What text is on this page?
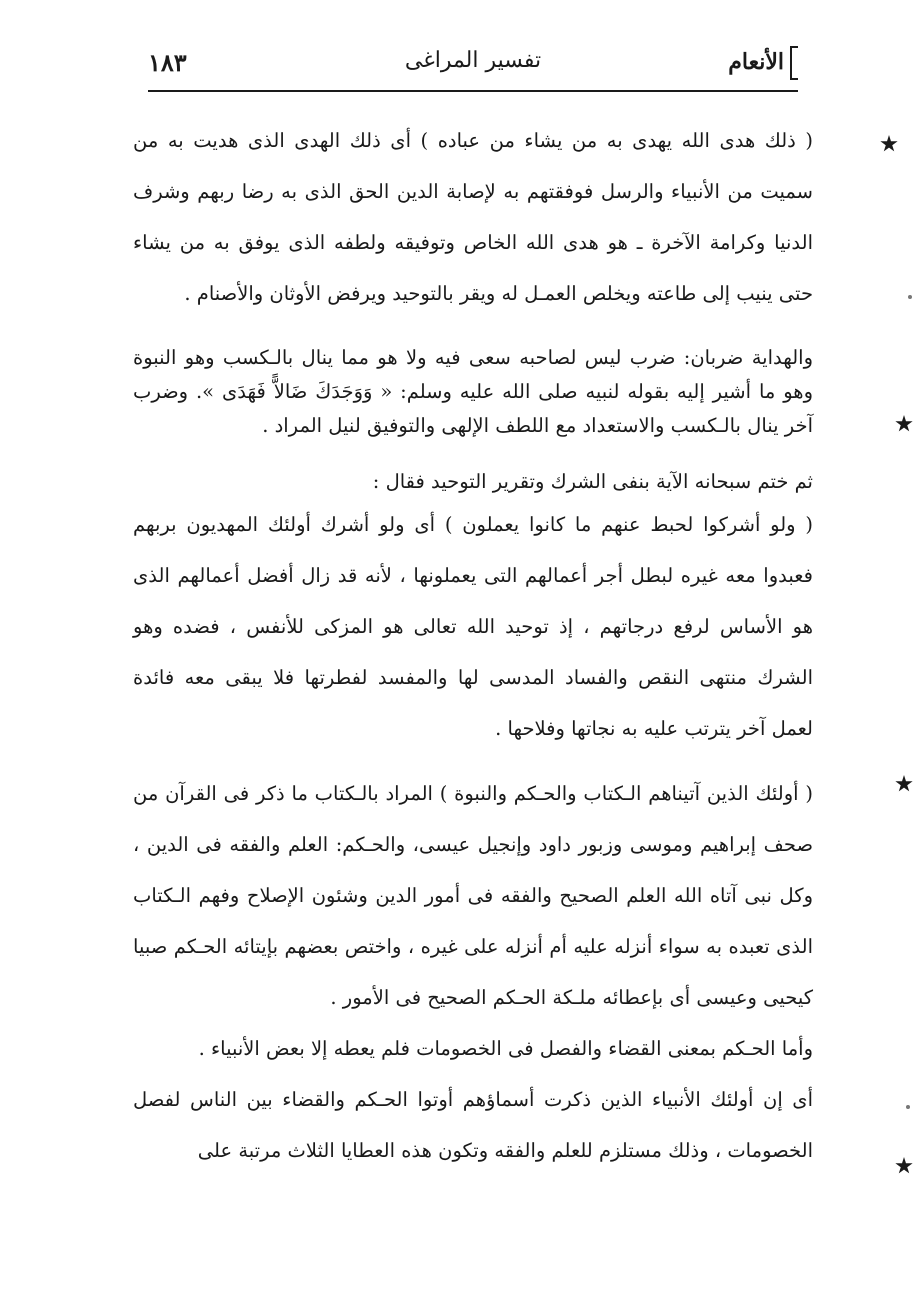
١٨٣	تفسير المراغى	الأنعام

( ذلك هدى الله يهدى به من يشاء من عباده ) أى ذلك الهدى الذى هديت به من سميت من الأنبياء والرسل فوفقتهم به لإصابة الدين الحق الذى به رضا ربهم وشرف الدنيا وكرامة الآخرة ـ هو هدى الله الخاص وتوفيقه ولطفه الذى يوفق به من يشاء حتى ينيب إلى طاعته ويخلص العمـل له ويقر بالتوحيد ويرفض الأوثان والأصنام .

والهداية ضربان: ضرب ليس لصاحبه سعى فيه ولا هو مما ينال بالـكسب وهو النبوة وهو ما أشير إليه بقوله لنبيه صلى الله عليه وسلم: « وَوَجَدَكَ ضَالاًّ فَهَدَى ». وضرب آخر ينال بالـكسب والاستعداد مع اللطف الإلهى والتوفيق لنيل المراد .

ثم ختم سبحانه الآية بنفى الشرك وتقرير التوحيد فقال :

( ولو أشركوا لحبط عنهم ما كانوا يعملون ) أى ولو أشرك أولئك المهديون بربهم فعبدوا معه غيره لبطل أجر أعمالهم التى يعملونها ، لأنه قد زال أفضل أعمالهم الذى هو الأساس لرفع درجاتهم ، إذ توحيد الله تعالى هو المزكى للأنفس ، فضده وهو الشرك منتهى النقص والفساد المدسى لها والمفسد لفطرتها فلا يبقى معه فائدة لعمل آخر يترتب عليه به نجاتها وفلاحها .

( أولئك الذين آتيناهم الـكتاب والحـكم والنبوة ) المراد بالـكتاب ما ذكر فى القرآن من صحف إبراهيم وموسى وزبور داود وإنجيل عيسى، والحـكم: العلم والفقه فى الدين ، وكل نبى آتاه الله العلم الصحيح والفقه فى أمور الدين وشئون الإصلاح وفهم الـكتاب الذى تعبده به سواء أنزله عليه أم أنزله على غيره ، واختص بعضهم بإيتائه الحـكم صبيا كيحيى وعيسى أى بإعطائه ملـكة الحـكم الصحيح فى الأمور .

وأما الحـكم بمعنى القضاء والفصل فى الخصومات فلم يعطه إلا بعض الأنبياء .

أى إن أولئك الأنبياء الذين ذكرت أسماؤهم أوتوا الحـكم والقضاء بين الناس لفصل الخصومات ، وذلك مستلزم للعلم والفقه وتكون هذه العطايا الثلاث مرتبة على
